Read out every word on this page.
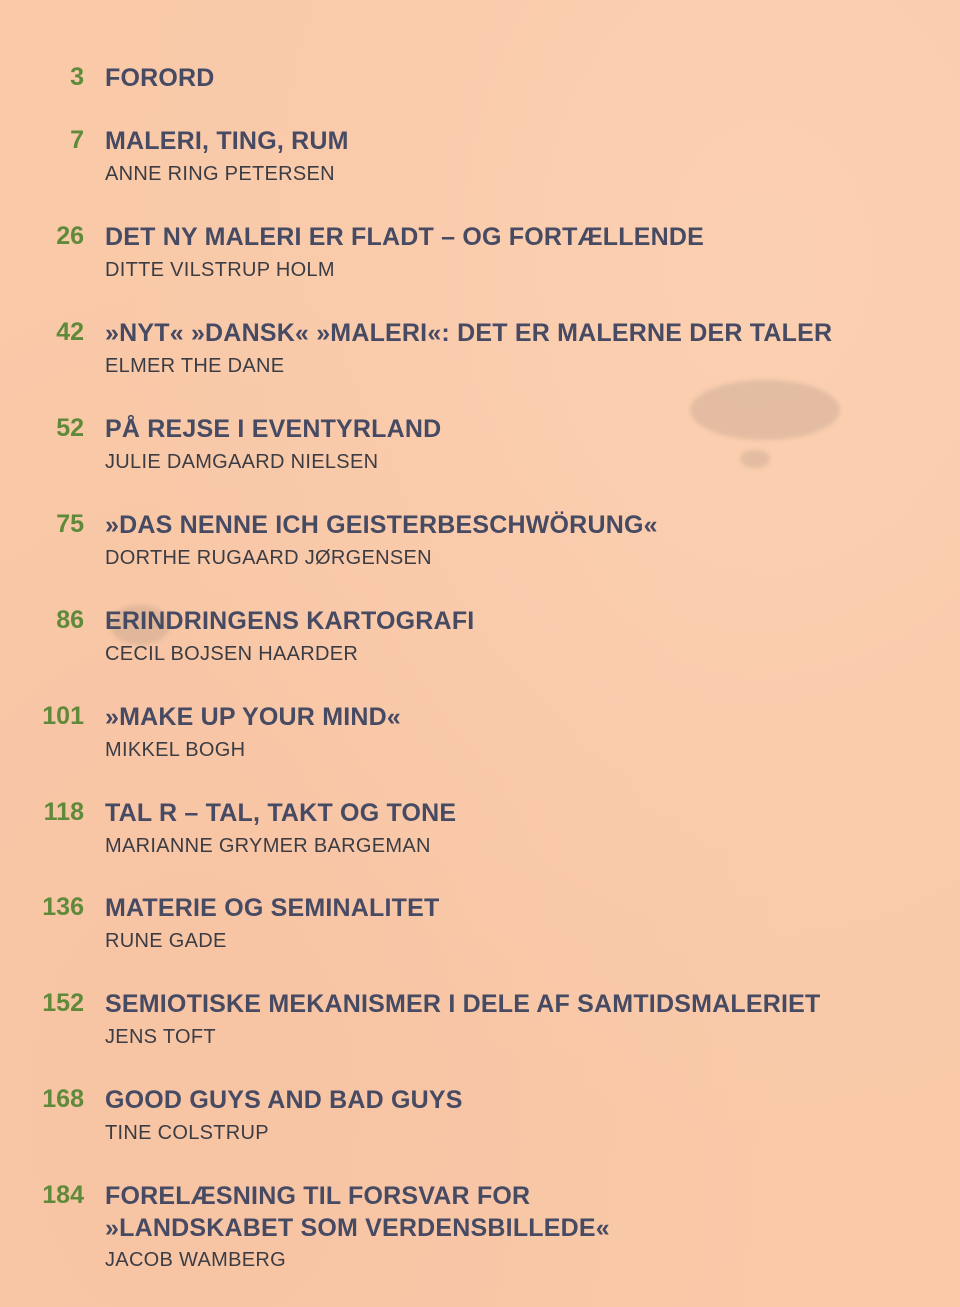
3 FORORD
7 MALERI, TING, RUM
ANNE RING PETERSEN
26 DET NY MALERI ER FLADT – OG FORTÆLLENDE
DITTE VILSTRUP HOLM
42 »NYT« »DANSK« »MALERI«: DET ER MALERNE DER TALER
ELMER THE DANE
52 PÅ REJSE I EVENTYRLAND
JULIE DAMGAARD NIELSEN
75 »DAS NENNE ICH GEISTERBESCHWÖRUNG«
DORTHE RUGAARD JØRGENSEN
86 ERINDRINGENS KARTOGRAFI
CECIL BOJSEN HAARDER
101 »MAKE UP YOUR MIND«
MIKKEL BOGH
118 TAL R – TAL, TAKT OG TONE
MARIANNE GRYMER BARGEMAN
136 MATERIE OG SEMINALITET
RUNE GADE
152 SEMIOTISKE MEKANISMER I DELE AF SAMTIDSMALERIET
JENS TOFT
168 GOOD GUYS AND BAD GUYS
TINE COLSTRUP
184 FORELÆSNING TIL FORSVAR FOR
»LANDSKABET SOM VERDENSBILLEDE«
JACOB WAMBERG
